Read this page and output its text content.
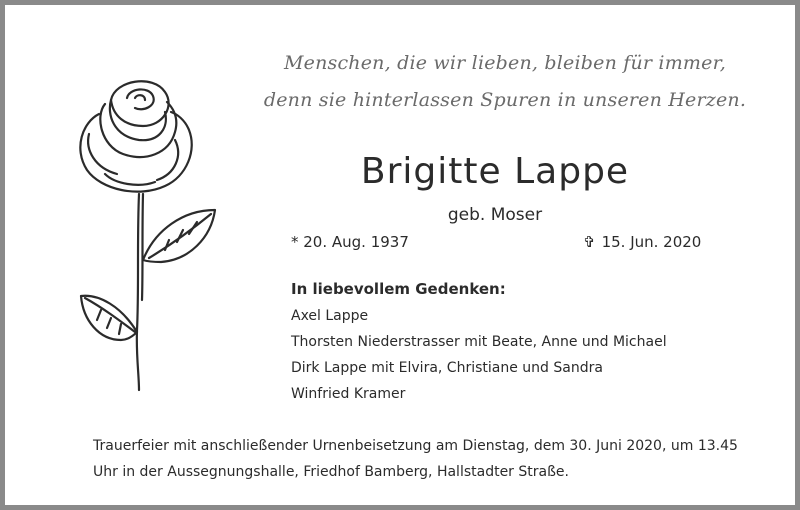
Menschen, die wir lieben, bleiben für immer,
denn sie hinterlassen Spuren in unseren Herzen.
Brigitte Lappe
geb. Moser
* 20. Aug. 1937	✞ 15. Jun. 2020
In liebevollem Gedenken:
Axel Lappe
Thorsten Niederstrasser mit Beate, Anne und Michael
Dirk Lappe mit Elvira, Christiane und Sandra
Winfried Kramer
Trauerfeier mit anschließender Urnenbeisetzung am Dienstag, dem 30. Juni 2020, um 13.45
Uhr in der Aussegnungshalle, Friedhof Bamberg, Hallstadter Straße.
